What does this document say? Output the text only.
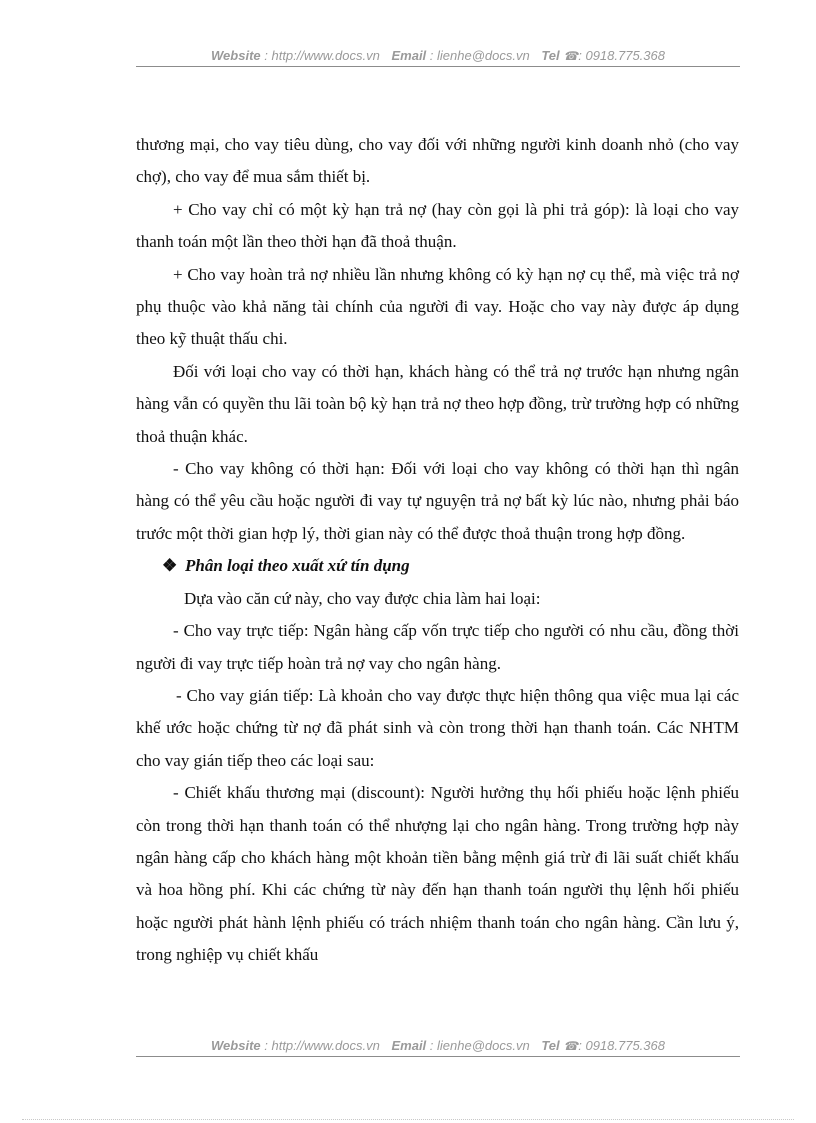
Website : http://www.docs.vn Email : lienhe@docs.vn Tel ☎: 0918.775.368

thương mại, cho vay tiêu dùng, cho vay đối với những người kinh doanh nhỏ (cho vay chợ), cho vay để mua sắm thiết bị.

+ Cho vay chỉ có một kỳ hạn trả nợ (hay còn gọi là phi trả góp): là loại cho vay thanh toán một lần theo thời hạn đã thoả thuận.

+ Cho vay hoàn trả nợ nhiều lần nhưng không có kỳ hạn nợ cụ thể, mà việc trả nợ phụ thuộc vào khả năng tài chính của người đi vay. Hoặc cho vay này được áp dụng theo kỹ thuật thấu chi.

Đối với loại cho vay có thời hạn, khách hàng có thể trả nợ trước hạn nhưng ngân hàng vẫn có quyền thu lãi toàn bộ kỳ hạn trả nợ theo hợp đồng, trừ trường hợp có những thoả thuận khác.

- Cho vay không có thời hạn: Đối với loại cho vay không có thời hạn thì ngân hàng có thể yêu cầu hoặc người đi vay tự nguyện trả nợ bất kỳ lúc nào, nhưng phải báo trước một thời gian hợp lý, thời gian này có thể được thoả thuận trong hợp đồng.

❖ Phân loại theo xuất xứ tín dụng

Dựa vào căn cứ này, cho vay được chia làm hai loại:

- Cho vay trực tiếp: Ngân hàng cấp vốn trực tiếp cho người có nhu cầu, đồng thời người đi vay trực tiếp hoàn trả nợ vay cho ngân hàng.

- Cho vay gián tiếp: Là khoản cho vay được thực hiện thông qua việc mua lại các khế ước hoặc chứng từ nợ đã phát sinh và còn trong thời hạn thanh toán. Các NHTM cho vay gián tiếp theo các loại sau:

- Chiết khấu thương mại (discount): Người hưởng thụ hối phiếu hoặc lệnh phiếu còn trong thời hạn thanh toán có thể nhượng lại cho ngân hàng. Trong trường hợp này ngân hàng cấp cho khách hàng một khoản tiền bằng mệnh giá trừ đi lãi suất chiết khấu và hoa hồng phí. Khi các chứng từ này đến hạn thanh toán người thụ lệnh hối phiếu hoặc người phát hành lệnh phiếu có trách nhiệm thanh toán cho ngân hàng. Cần lưu ý, trong nghiệp vụ chiết khấu

Website : http://www.docs.vn Email : lienhe@docs.vn Tel ☎: 0918.775.368
